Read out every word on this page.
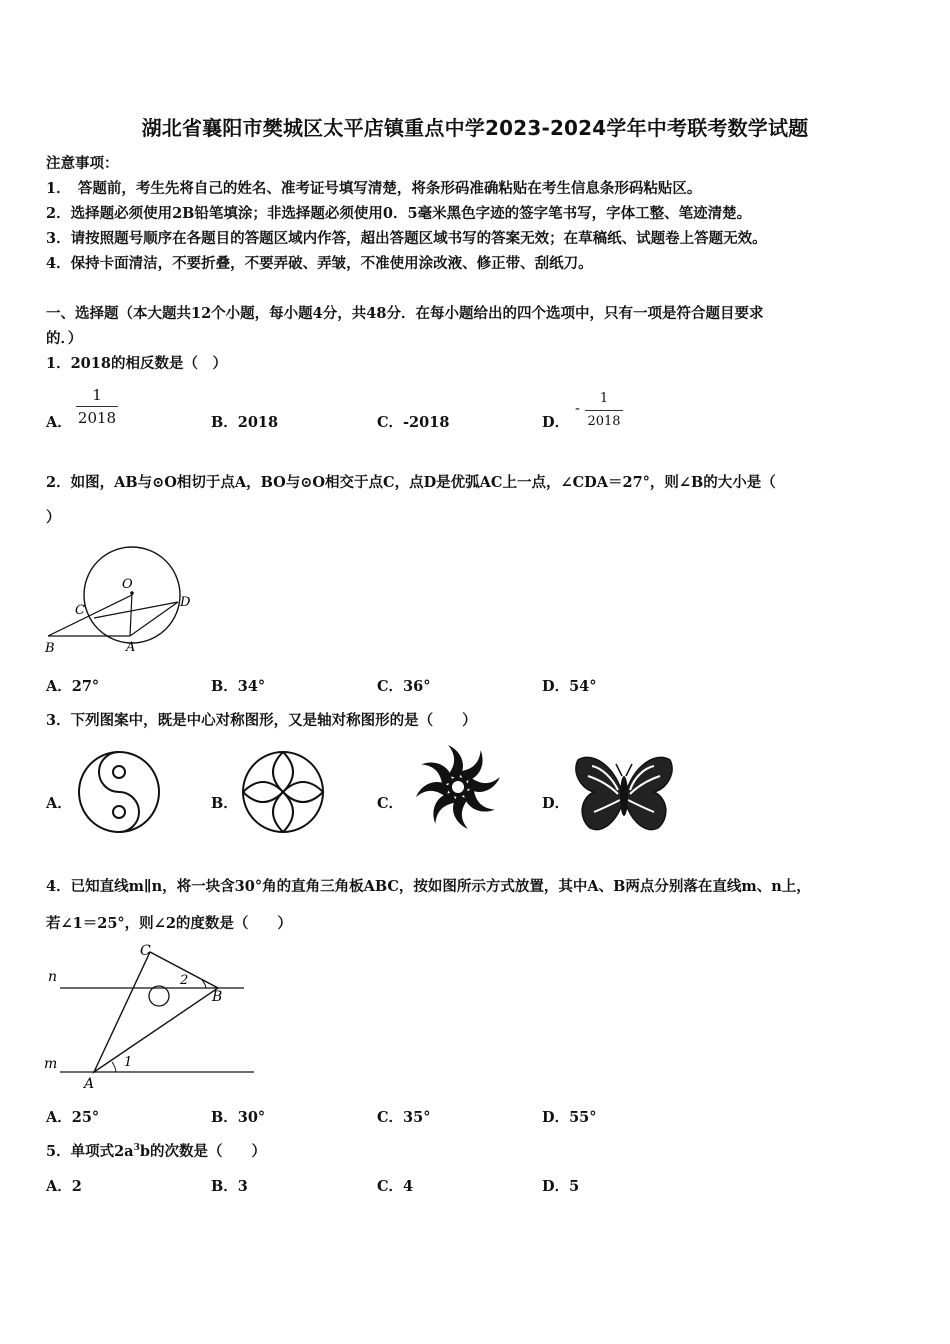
湖北省襄阳市樊城区太平店镇重点中学2023-2024学年中考联考数学试题
注意事项：
1．　答题前，考生先将自己的姓名、准考证号填写清楚，将条形码准确粘贴在考生信息条形码粘贴区。
2．选择题必须使用2B铅笔填涂；非选择题必须使用0．5毫米黑色字迹的签字笔书写，字体工整、笔迹清楚。
3．请按照题号顺序在各题目的答题区域内作答，超出答题区域书写的答案无效；在草稿纸、试题卷上答题无效。
4．保持卡面清洁，不要折叠，不要弄破、弄皱，不准使用涂改液、修正带、刮纸刀。
一、选择题（本大题共12个小题，每小题4分，共48分．在每小题给出的四个选项中，只有一项是符合题目要求
的．）
1．2018的相反数是（　）
A．
1
2018	B．2018	C．-2018	D．
-
1
2018
2．如图，AB与⊙O相切于点A，BO与⊙O相交于点C，点D是优弧AC上一点，∠CDA＝27°，则∠B的大小是（
）
O
C
D
B	A
A．27°	B．34°	C．36°	D．54°
3．下列图案中，既是中心对称图形，又是轴对称图形的是（　　）
A．	B．	C．	D．
4．已知直线m∥n，将一块含30°角的直角三角板ABC，按如图所示方式放置，其中A、B两点分别落在直线m、n上，
若∠1＝25°，则∠2的度数是（　　）
n
m
C
B
A
1
2
A．25°	B．30°	C．35°	D．55°
5．单项式$2a^3b$的次数是（　　）
A．2	B．3	C．4	D．5
